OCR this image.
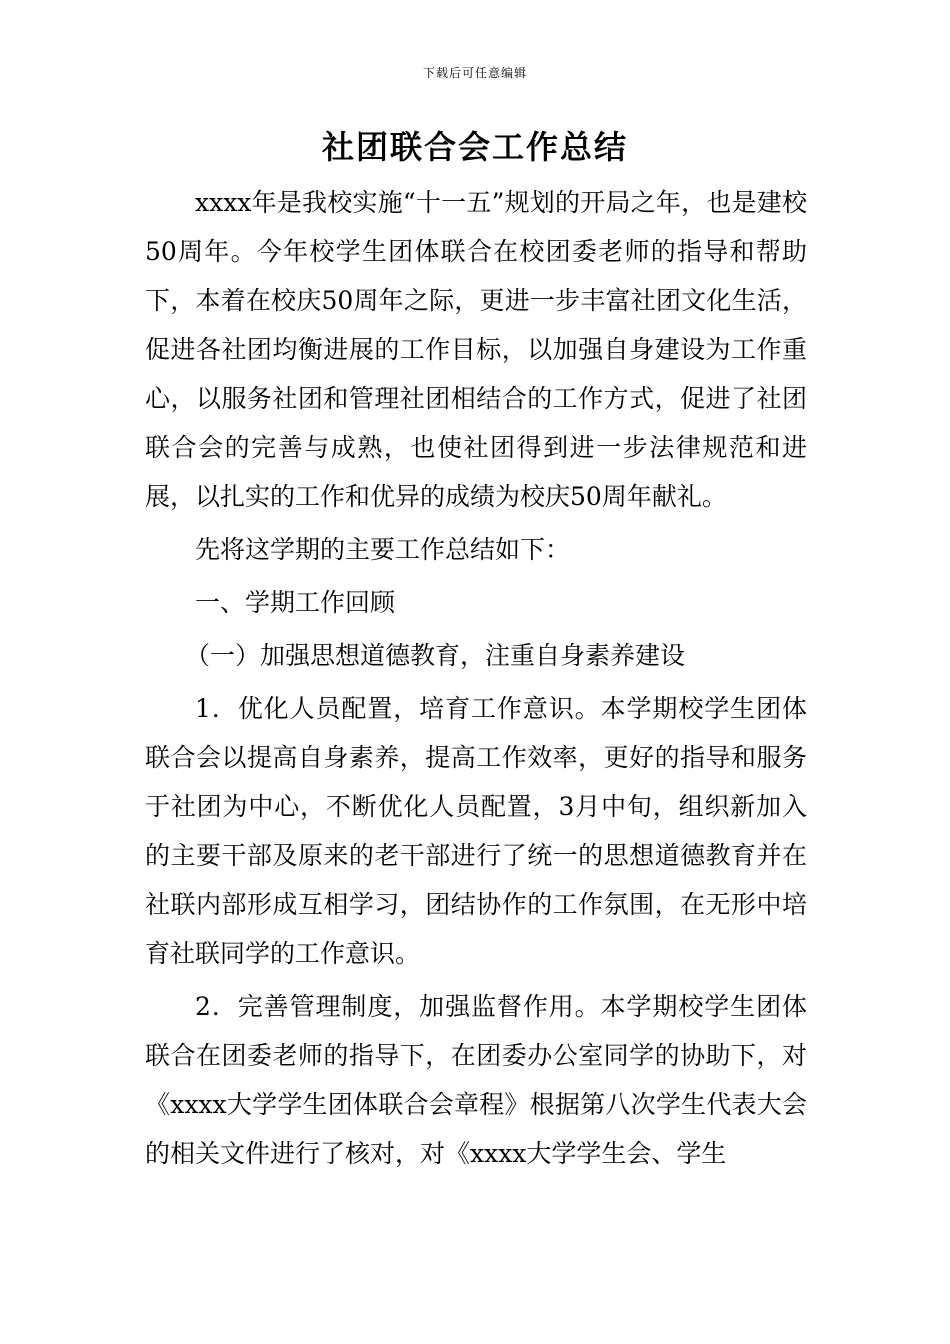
下载后可任意编辑
社团联合会工作总结

xxxx年是我校实施“十一五”规划的开局之年，也是建校50周年。今年校学生团体联合在校团委老师的指导和帮助下，本着在校庆50周年之际，更进一步丰富社团文化生活，促进各社团均衡进展的工作目标，以加强自身建设为工作重心，以服务社团和管理社团相结合的工作方式，促进了社团联合会的完善与成熟，也使社团得到进一步法律规范和进展，以扎实的工作和优异的成绩为校庆50周年献礼。

先将这学期的主要工作总结如下：

一、学期工作回顾

（一）加强思想道德教育，注重自身素养建设

1．优化人员配置，培育工作意识。本学期校学生团体联合会以提高自身素养，提高工作效率，更好的指导和服务于社团为中心，不断优化人员配置，3月中旬，组织新加入的主要干部及原来的老干部进行了统一的思想道德教育并在社联内部形成互相学习，团结协作的工作氛围，在无形中培育社联同学的工作意识。

2．完善管理制度，加强监督作用。本学期校学生团体联合在团委老师的指导下，在团委办公室同学的协助下，对《xxxx大学学生团体联合会章程》根据第八次学生代表大会的相关文件进行了核对，对《xxxx大学学生会、学生
